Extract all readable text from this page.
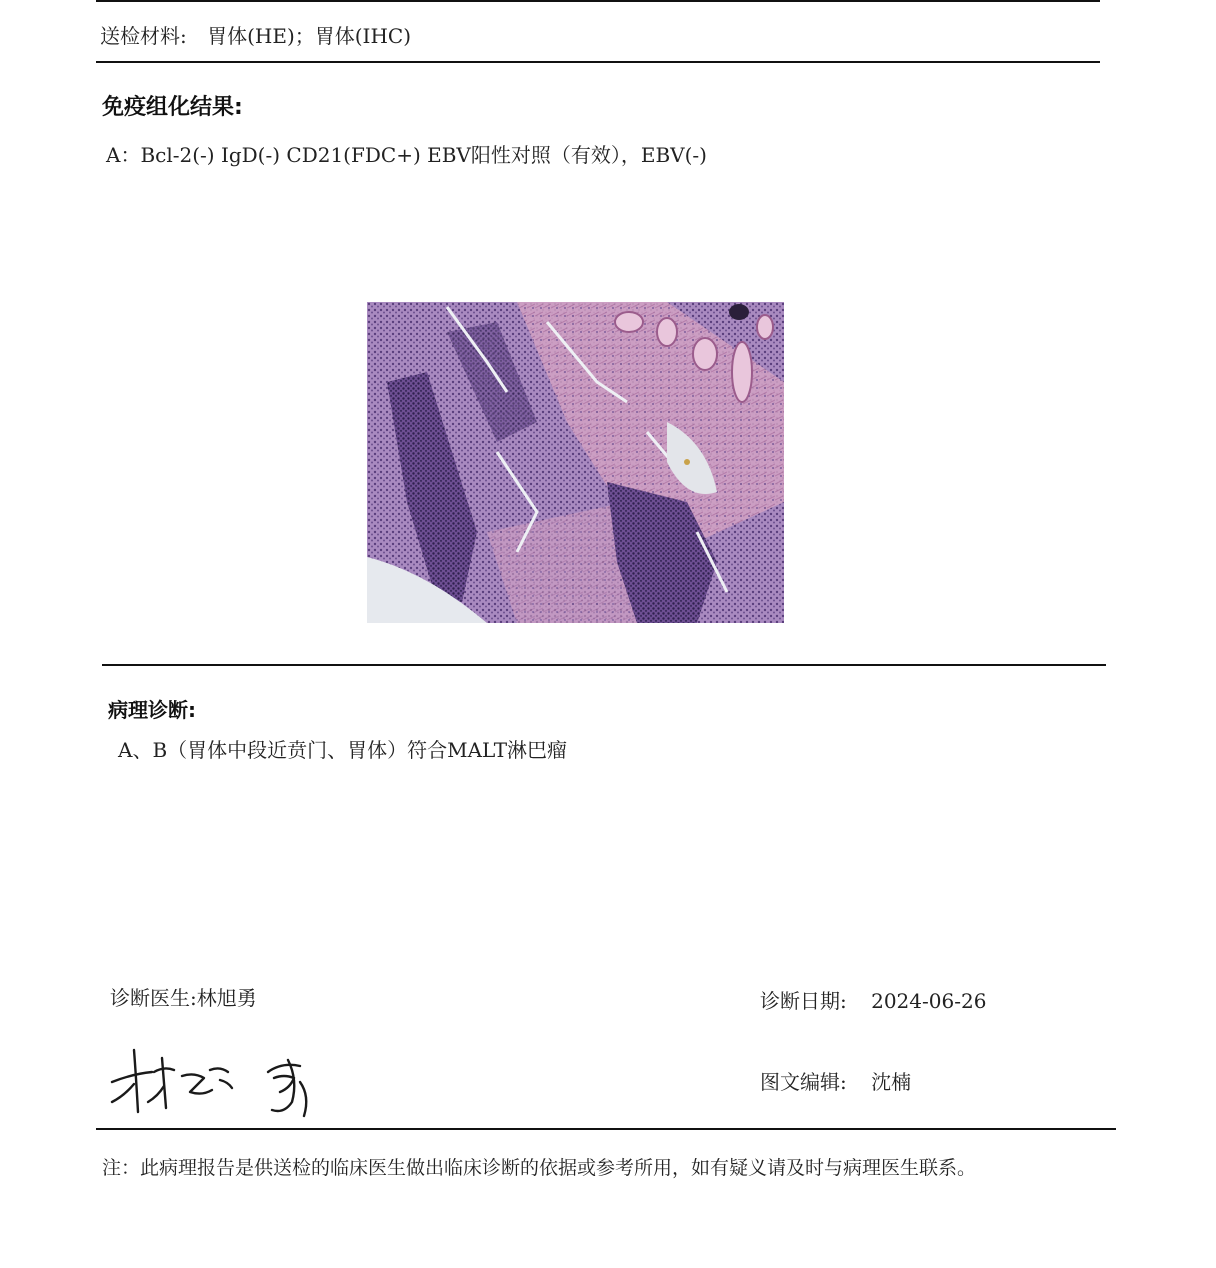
送检材料: 胃体(HE)；胃体(IHC)
免疫组化结果:
A：Bcl-2(-) IgD(-) CD21(FDC+) EBV阳性对照（有效），EBV(-)
病理诊断:
A、B（胃体中段近贲门、胃体）符合MALT淋巴瘤
诊断医生:林旭勇	诊断日期: 2024-06-26
图文编辑: 沈楠
注：此病理报告是供送检的临床医生做出临床诊断的依据或参考所用，如有疑义请及时与病理医生联系。
